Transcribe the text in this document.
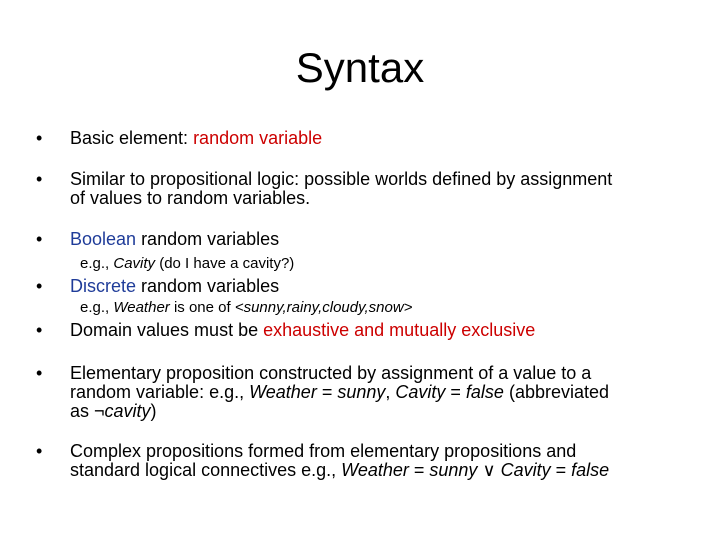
Syntax
•	Basic element: random variable
•	Similar to propositional logic: possible worlds defined by assignment
of values to random variables.
•	Boolean random variables
e.g., Cavity (do I have a cavity?)
•	Discrete random variables
e.g., Weather is one of <sunny,rainy,cloudy,snow>
•	Domain values must be exhaustive and mutually exclusive
•	Elementary proposition constructed by assignment of a value to a
random variable: e.g., Weather = sunny, Cavity = false (abbreviated
as ¬cavity)
•	Complex propositions formed from elementary propositions and
standard logical connectives e.g., Weather = sunny ∨ Cavity = false
